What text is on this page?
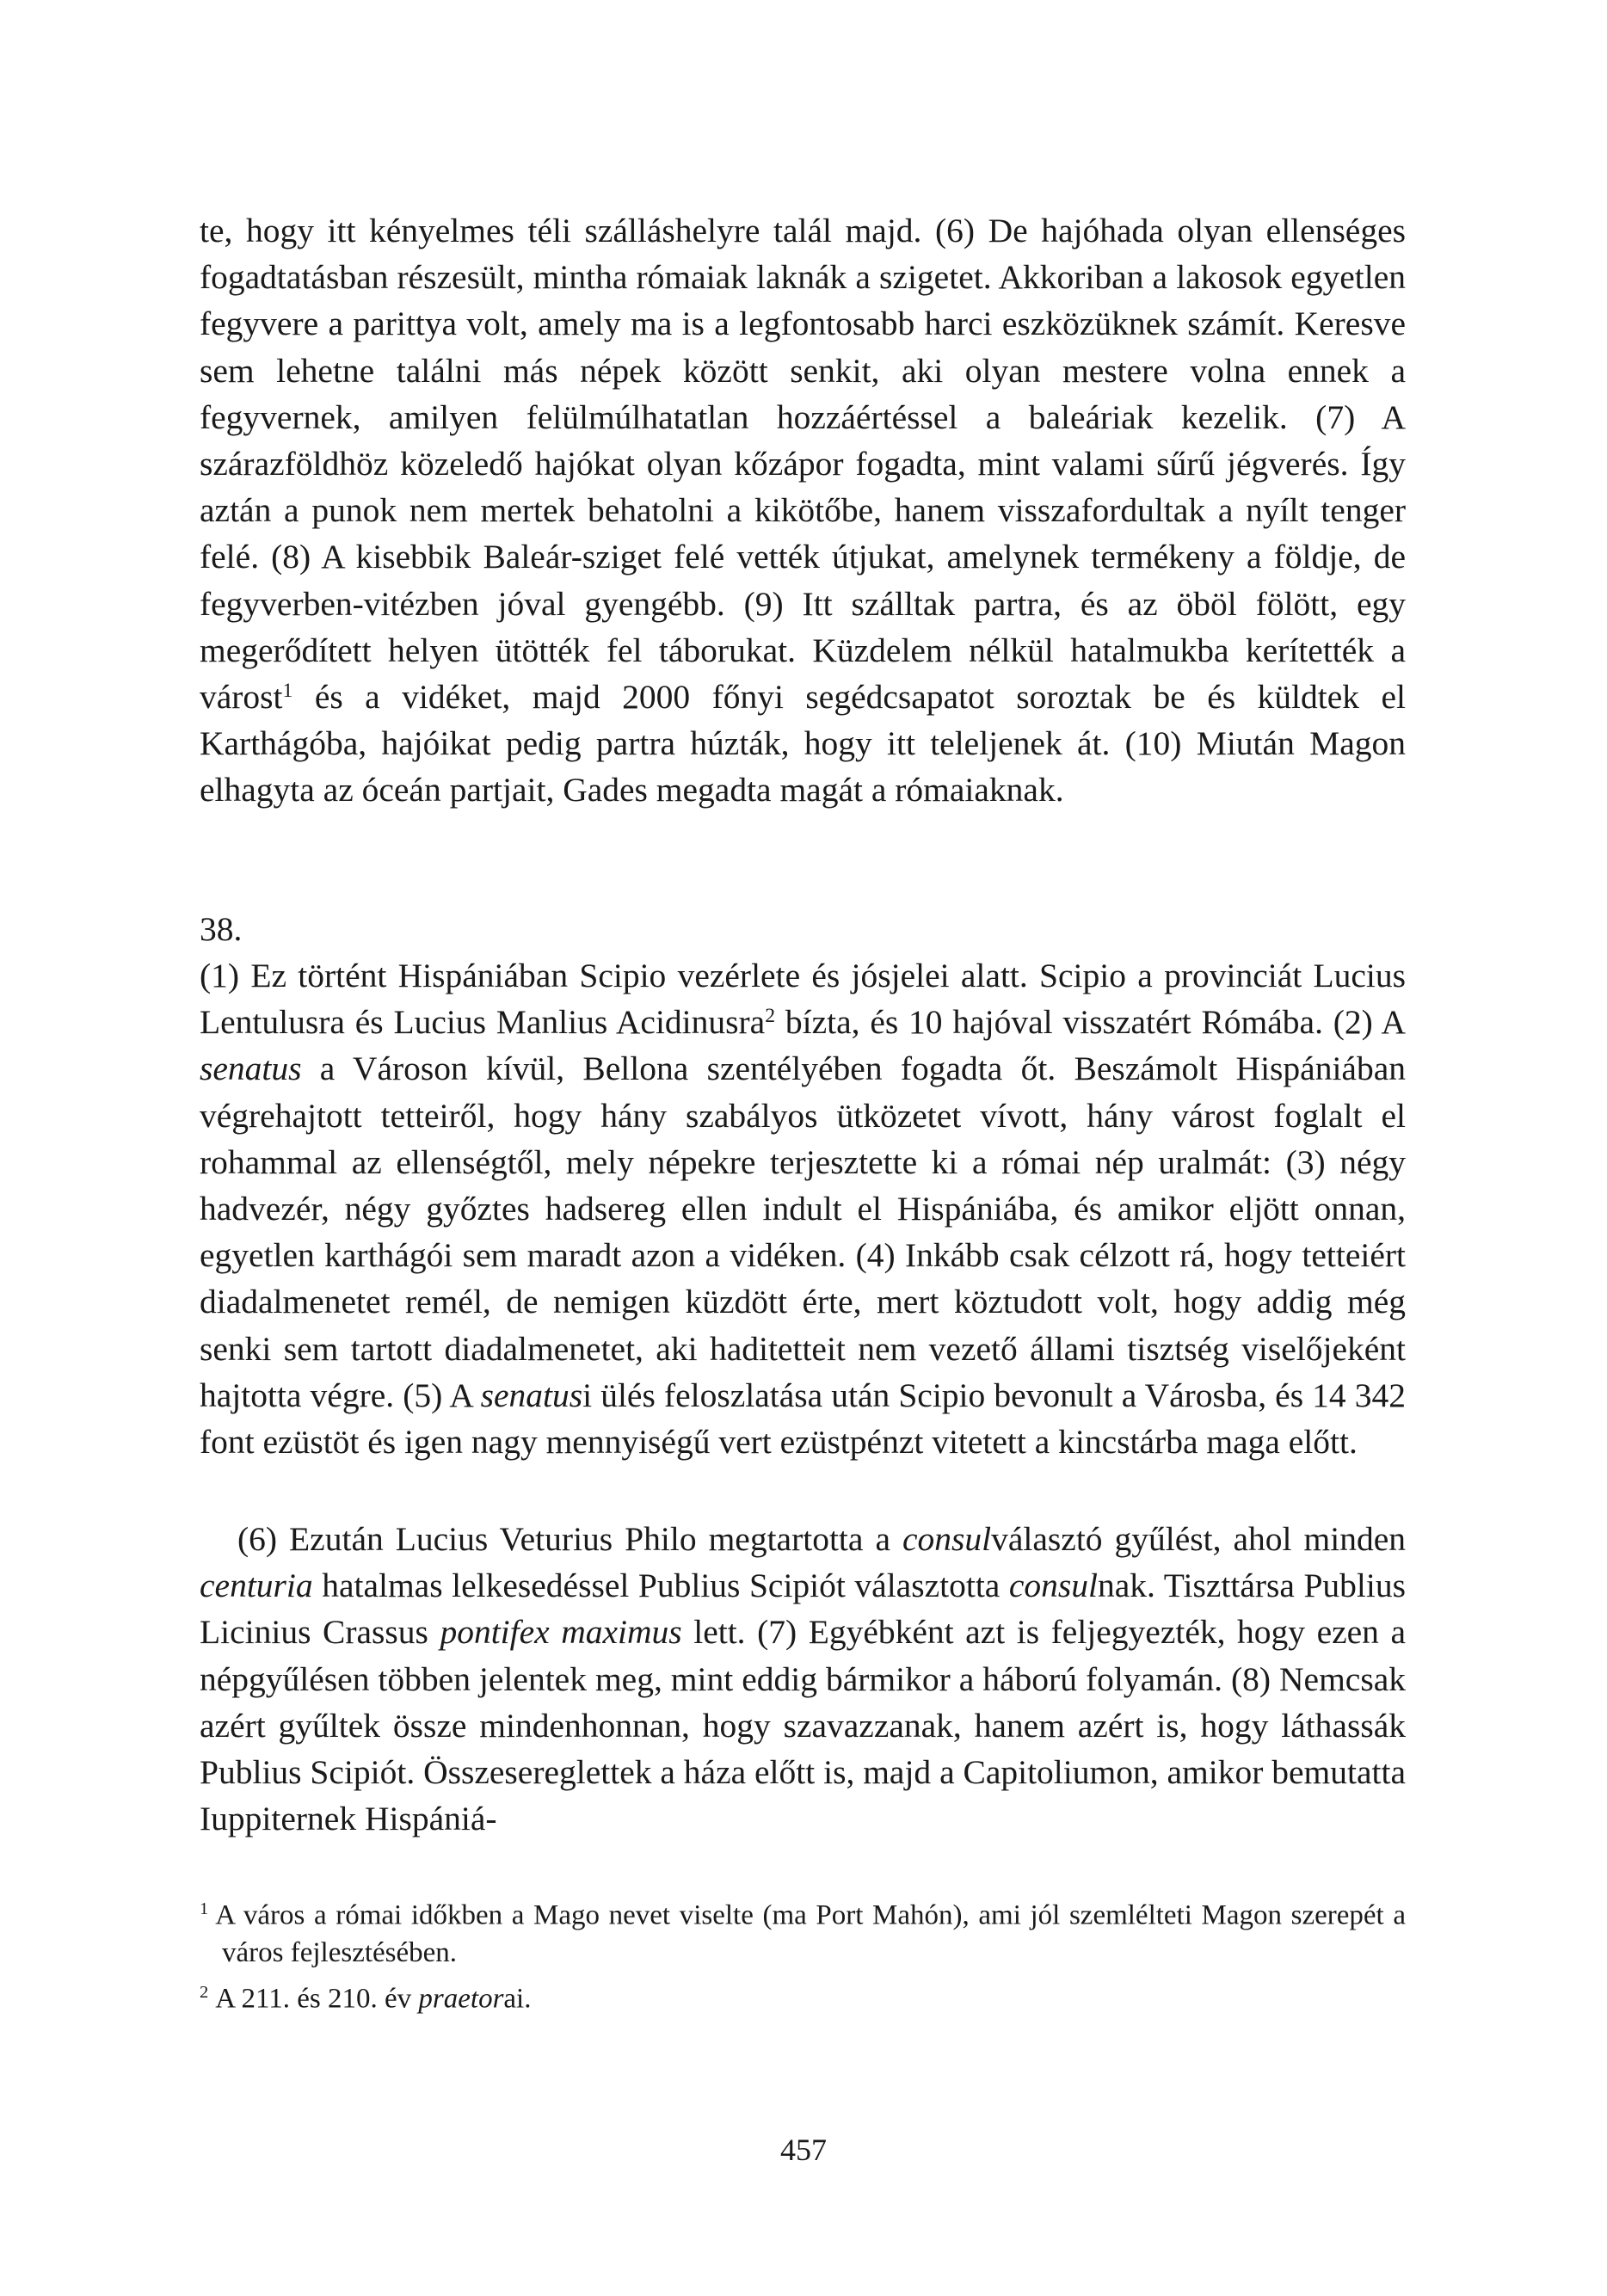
te, hogy itt kényelmes téli szálláshelyre talál majd. (6) De hajóhada olyan ellenséges fogadtatásban részesült, mintha rómaiak laknák a szigetet. Akkoriban a lakosok egyetlen fegyvere a parittya volt, amely ma is a legfontosabb harci eszközüknek számít. Keresve sem lehetne találni más népek között senkit, aki olyan mestere volna ennek a fegyvernek, amilyen felülmúlhatatlan hozzáértéssel a baleáriak kezelik. (7) A szárazföldhöz közeledő hajókat olyan kőzápor fogadta, mint valami sűrű jégverés. Így aztán a punok nem mertek behatolni a kikötőbe, hanem visszafordultak a nyílt tenger felé. (8) A kisebbik Baleár-sziget felé vették útjukat, amelynek termékeny a földje, de fegyverben-vitézben jóval gyengébb. (9) Itt szálltak partra, és az öböl fölött, egy megerődített helyen ütötték fel táborukat. Küzdelem nélkül hatalmukba kerítették a várost$^1$ és a vidéket, majd 2000 főnyi segédcsapatot soroztak be és küldtek el Karthágóba, hajóikat pedig partra húzták, hogy itt teleljenek át. (10) Miután Magon elhagyta az óceán partjait, Gades megadta magát a rómaiaknak.

38.

(1) Ez történt Hispániában Scipio vezérlete és jósjelei alatt. Scipio a provinciát Lucius Lentulusra és Lucius Manlius Acidinusra$^2$ bízta, és 10 hajóval visszatért Rómába. (2) A senatus a Városon kívül, Bellona szentélyében fogadta őt. Beszámolt Hispániában végrehajtott tetteiről, hogy hány szabályos ütközetet vívott, hány várost foglalt el rohammal az ellenségtől, mely népekre terjesztette ki a római nép uralmát: (3) négy hadvezér, négy győztes hadsereg ellen indult el Hispániába, és amikor eljött onnan, egyetlen karthágói sem maradt azon a vidéken. (4) Inkább csak célzott rá, hogy tetteiért diadalmenetet remél, de nemigen küzdött érte, mert köztudott volt, hogy addig még senki sem tartott diadalmenetet, aki haditetteit nem vezető állami tisztség viselőjeként hajtotta végre. (5) A senatusi ülés feloszlatása után Scipio bevonult a Városba, és 14 342 font ezüstöt és igen nagy mennyiségű vert ezüstpénzt vitetett a kincstárba maga előtt.

(6) Ezután Lucius Veturius Philo megtartotta a consulválasztó gyűlést, ahol minden centuria hatalmas lelkesedéssel Publius Scipiót választotta consulnak. Tiszttársa Publius Licinius Crassus pontifex maximus lett. (7) Egyébként azt is feljegyezték, hogy ezen a népgyűlésen többen jelentek meg, mint eddig bármikor a háború folyamán. (8) Nemcsak azért gyűltek össze mindenhonnan, hogy szavazzanak, hanem azért is, hogy láthassák Publius Scipiót. Összesereglettek a háza előtt is, majd a Capitoliumon, amikor bemutatta Iuppiternek Hispániá-

$^1$ A város a római időkben a Mago nevet viselte (ma Port Mahón), ami jól szemlélteti Magon szerepét a város fejlesztésében.

$^2$ A 211. és 210. év praetorai.

457
